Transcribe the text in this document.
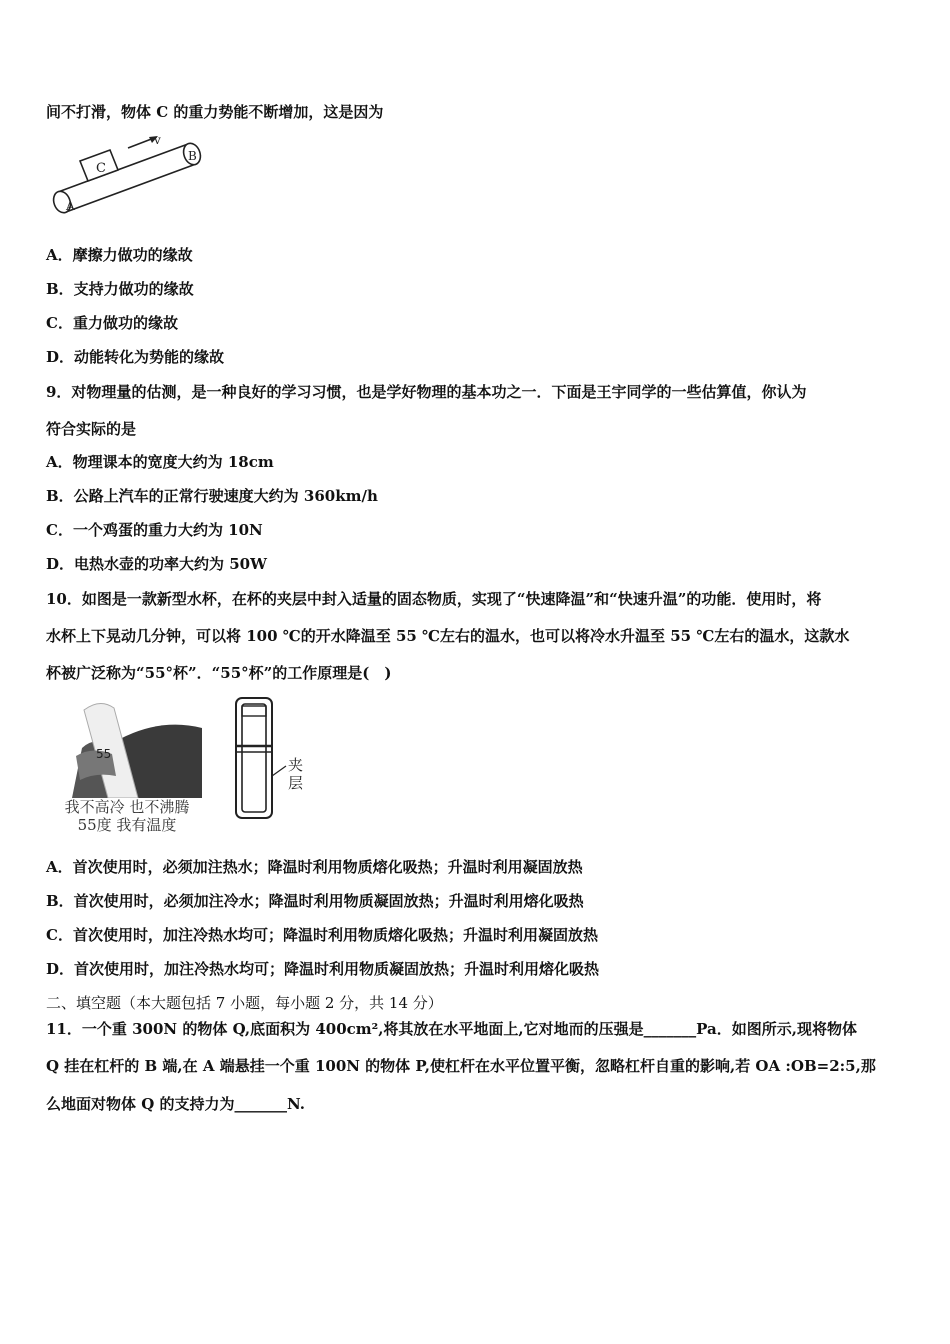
间不打滑，物体 C 的重力势能不断增加，这是因为
A
B
C
v
A．摩擦力做功的缘故
B．支持力做功的缘故
C．重力做功的缘故
D．动能转化为势能的缘故
9．对物理量的估测，是一种良好的学习习惯，也是学好物理的基本功之一．下面是王宇同学的一些估算值，你认为
符合实际的是
A．物理课本的宽度大约为 18cm
B．公路上汽车的正常行驶速度大约为 360km/h
C．一个鸡蛋的重力大约为 10N
D．电热水壶的功率大约为 50W
10．如图是一款新型水杯，在杯的夹层中封入适量的固态物质，实现了“快速降温”和“快速升温”的功能．使用时，将
水杯上下晃动几分钟，可以将 100 ℃的开水降温至 55 ℃左右的温水，也可以将冷水升温至 55 ℃左右的温水，这款水
杯被广泛称为“55°杯”．“55°杯”的工作原理是(　)
55
我不高冷 也不沸腾
55度 我有温度
夹
层
A．首次使用时，必须加注热水；降温时利用物质熔化吸热；升温时利用凝固放热
B．首次使用时，必须加注冷水；降温时利用物质凝固放热；升温时利用熔化吸热
C．首次使用时，加注冷热水均可；降温时利用物质熔化吸热；升温时利用凝固放热
D．首次使用时，加注冷热水均可；降温时利用物质凝固放热；升温时利用熔化吸热
二、填空题（本大题包括 7 小题，每小题 2 分，共 14 分）
11．一个重 300N 的物体 Q,底面积为 400cm²,将其放在水平地面上,它对地而的压强是_______Pa．如图所示,现将物体
Q 挂在杠杆的 B 端,在 A 端悬挂一个重 100N 的物体 P,使杠杆在水平位置平衡，忽略杠杆自重的影响,若 OA :OB=2:5,那
么地面对物体 Q 的支持力为_______N.
